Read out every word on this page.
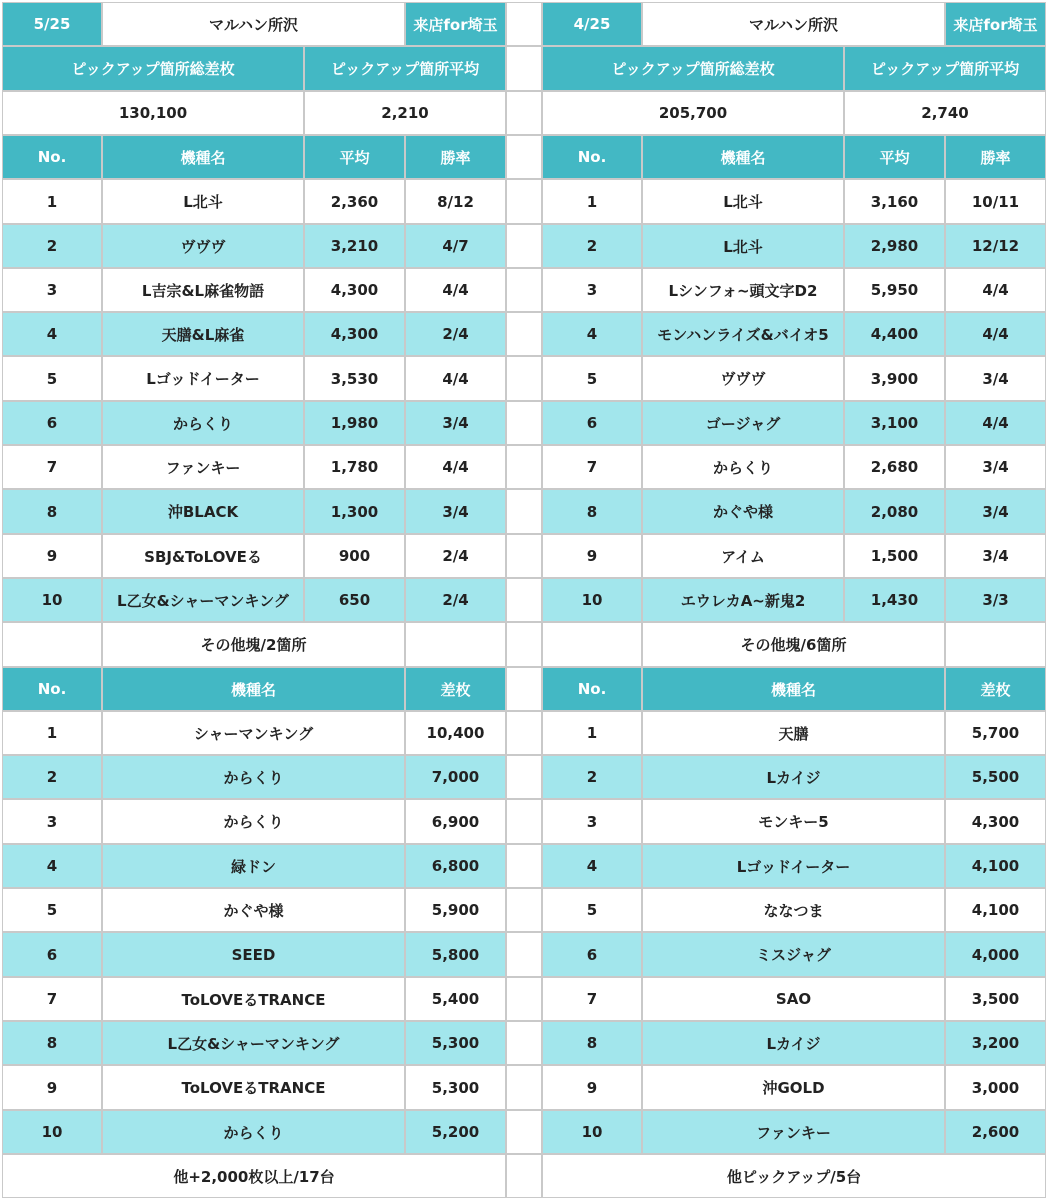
5/25	マルハン所沢	来店for埼玉
ピックアップ箇所総差枚	ピックアップ箇所平均
130,100	2,210
No.	機種名	平均	勝率
1	L北斗	2,360	8/12
2	ヴヴヴ	3,210	4/7
3	L吉宗&L麻雀物語	4,300	4/4
4	天膳&L麻雀	4,300	2/4
5	Lゴッドイーター	3,530	4/4
6	からくり	1,980	3/4
7	ファンキー	1,780	4/4
8	沖BLACK	1,300	3/4
9	SBJ&ToLOVEる	900	2/4
10	L乙女&シャーマンキング	650	2/4
その他塊/2箇所
No.	機種名	差枚
1	シャーマンキング	10,400
2	からくり	7,000
3	からくり	6,900
4	緑ドン	6,800
5	かぐや様	5,900
6	SEED	5,800
7	ToLOVEるTRANCE	5,400
8	L乙女&シャーマンキング	5,300
9	ToLOVEるTRANCE	5,300
10	からくり	5,200
他+2,000枚以上/17台
4/25	マルハン所沢	来店for埼玉
ピックアップ箇所総差枚	ピックアップ箇所平均
205,700	2,740
No.	機種名	平均	勝率
1	L北斗	3,160	10/11
2	L北斗	2,980	12/12
3	Lシンフォ~頭文字D2	5,950	4/4
4	モンハンライズ&バイオ5	4,400	4/4
5	ヴヴヴ	3,900	3/4
6	ゴージャグ	3,100	4/4
7	からくり	2,680	3/4
8	かぐや様	2,080	3/4
9	アイム	1,500	3/4
10	エウレカA~新鬼2	1,430	3/3
その他塊/6箇所
No.	機種名	差枚
1	天膳	5,700
2	Lカイジ	5,500
3	モンキー5	4,300
4	Lゴッドイーター	4,100
5	ななつま	4,100
6	ミスジャグ	4,000
7	SAO	3,500
8	Lカイジ	3,200
9	沖GOLD	3,000
10	ファンキー	2,600
他ピックアップ/5台
